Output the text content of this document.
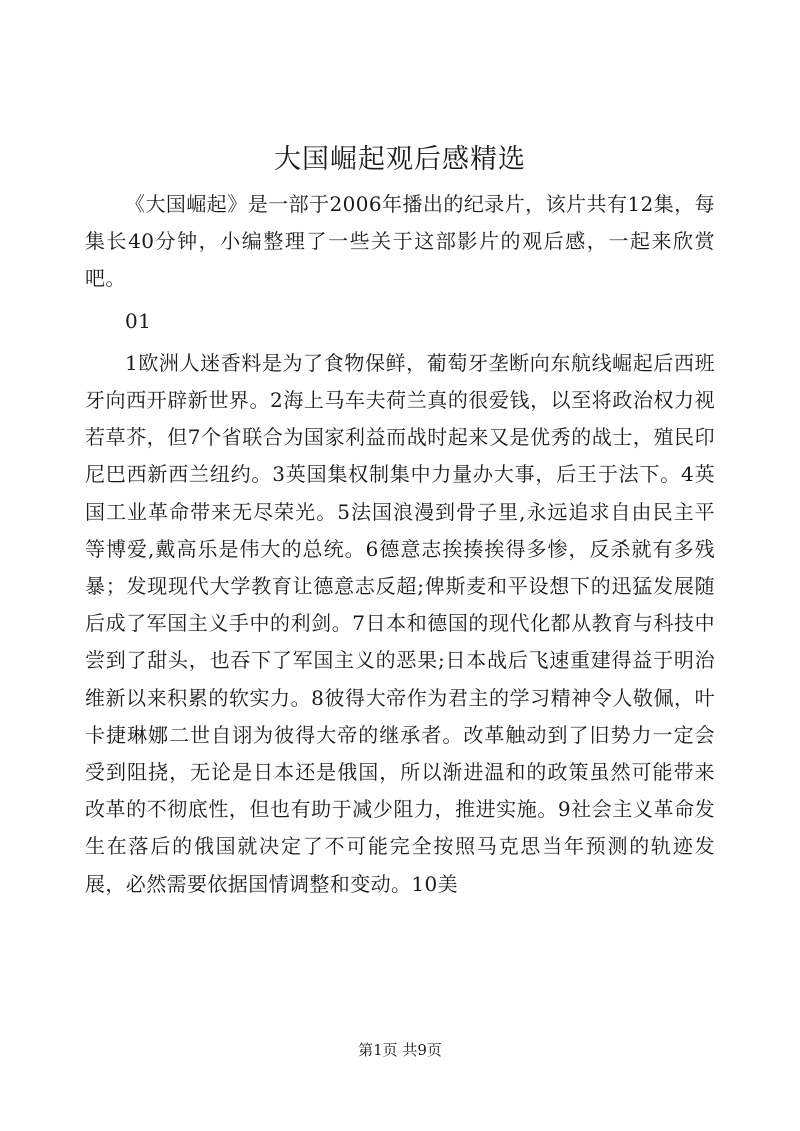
大国崛起观后感精选

《大国崛起》是一部于2006年播出的纪录片，该片共有12集，每集长40分钟，小编整理了一些关于这部影片的观后感，一起来欣赏吧。

01

1欧洲人迷香料是为了食物保鲜，葡萄牙垄断向东航线崛起后西班牙向西开辟新世界。2海上马车夫荷兰真的很爱钱，以至将政治权力视若草芥，但7个省联合为国家利益而战时起来又是优秀的战士，殖民印尼巴西新西兰纽约。3英国集权制集中力量办大事，后王于法下。4英国工业革命带来无尽荣光。5法国浪漫到骨子里,永远追求自由民主平等博爱,戴高乐是伟大的总统。6德意志挨揍挨得多惨，反杀就有多残暴；发现现代大学教育让德意志反超;俾斯麦和平设想下的迅猛发展随后成了军国主义手中的利剑。7日本和德国的现代化都从教育与科技中尝到了甜头，也吞下了军国主义的恶果;日本战后飞速重建得益于明治维新以来积累的软实力。8彼得大帝作为君主的学习精神令人敬佩，叶卡捷琳娜二世自诩为彼得大帝的继承者。改革触动到了旧势力一定会受到阻挠，无论是日本还是俄国，所以渐进温和的政策虽然可能带来改革的不彻底性，但也有助于减少阻力，推进实施。9社会主义革命发生在落后的俄国就决定了不可能完全按照马克思当年预测的轨迹发展，必然需要依据国情调整和变动。10美

第1页 共9页
